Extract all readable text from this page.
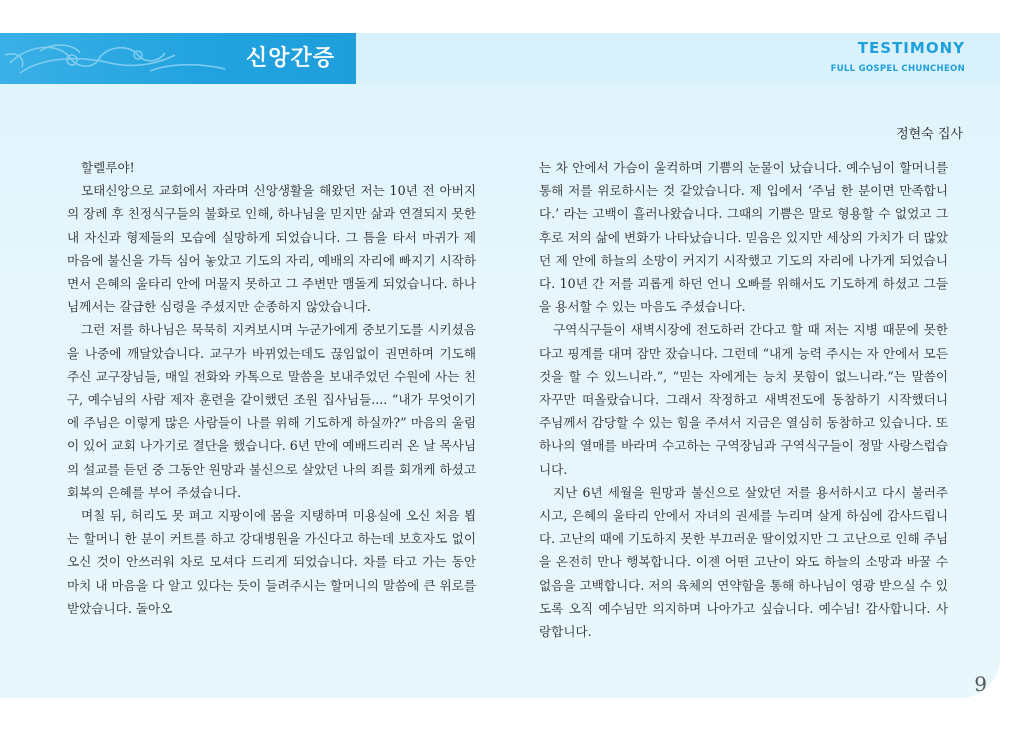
신앙간증	TESTIMONY
FULL GOSPEL CHUNCHEON
정현숙 집사

할렐루야!

모태신앙으로 교회에서 자라며 신앙생활을 해왔던 저는 10년 전 아버지의 장례 후 친정식구들의 불화로 인해, 하나님을 믿지만 삶과 연결되지 못한 내 자신과 형제들의 모습에 실망하게 되었습니다. 그 틈을 타서 마귀가 제 마음에 불신을 가득 심어 놓았고 기도의 자리, 예배의 자리에 빠지기 시작하면서 은혜의 울타리 안에 머물지 못하고 그 주변만 맴돌게 되었습니다. 하나님께서는 갈급한 심령을 주셨지만 순종하지 않았습니다.

그런 저를 하나님은 묵묵히 지켜보시며 누군가에게 중보기도를 시키셨음을 나중에 깨달았습니다. 교구가 바뀌었는데도 끊임없이 권면하며 기도해주신 교구장님들, 매일 전화와 카톡으로 말씀을 보내주었던 수원에 사는 친구, 예수님의 사람 제자 훈련을 같이했던 조원 집사님들.... “내가 무엇이기에 주님은 이렇게 많은 사람들이 나를 위해 기도하게 하실까?” 마음의 울림이 있어 교회 나가기로 결단을 했습니다. 6년 만에 예배드리러 온 날 목사님의 설교를 듣던 중 그동안 원망과 불신으로 살았던 나의 죄를 회개케 하셨고 회복의 은혜를 부어 주셨습니다.

며칠 뒤, 허리도 못 펴고 지팡이에 몸을 지탱하며 미용실에 오신 처음 뵙는 할머니 한 분이 커트를 하고 강대병원을 가신다고 하는데 보호자도 없이 오신 것이 안쓰러워 차로 모셔다 드리게 되었습니다. 차를 타고 가는 동안 마치 내 마음을 다 알고 있다는 듯이 들려주시는 할머니의 말씀에 큰 위로를 받았습니다. 돌아오

는 차 안에서 가슴이 울컥하며 기쁨의 눈물이 났습니다. 예수님이 할머니를 통해 저를 위로하시는 것 같았습니다. 제 입에서 ‘주님 한 분이면 만족합니다.’ 라는 고백이 흘러나왔습니다. 그때의 기쁨은 말로 형용할 수 없었고 그 후로 저의 삶에 변화가 나타났습니다. 믿음은 있지만 세상의 가치가 더 많았던 제 안에 하늘의 소망이 커지기 시작했고 기도의 자리에 나가게 되었습니다. 10년 간 저를 괴롭게 하던 언니 오빠를 위해서도 기도하게 하셨고 그들을 용서할 수 있는 마음도 주셨습니다.

구역식구들이 새벽시장에 전도하러 간다고 할 때 저는 지병 때문에 못한다고 핑계를 대며 잠만 잤습니다. 그런데 “내게 능력 주시는 자 안에서 모든 것을 할 수 있느니라.”, “믿는 자에게는 능치 못함이 없느니라.”는 말씀이 자꾸만 떠올랐습니다. 그래서 작정하고 새벽전도에 동참하기 시작했더니 주님께서 감당할 수 있는 힘을 주셔서 지금은 열심히 동참하고 있습니다. 또 하나의 열매를 바라며 수고하는 구역장님과 구역식구들이 정말 사랑스럽습니다.

지난 6년 세월을 원망과 불신으로 살았던 저를 용서하시고 다시 불러주시고, 은혜의 울타리 안에서 자녀의 권세를 누리며 살게 하심에 감사드립니다. 고난의 때에 기도하지 못한 부끄러운 딸이었지만 그 고난으로 인해 주님을 온전히 만나 행복합니다. 이젠 어떤 고난이 와도 하늘의 소망과 바꿀 수 없음을 고백합니다. 저의 육체의 연약함을 통해 하나님이 영광 받으실 수 있도록 오직 예수님만 의지하며 나아가고 싶습니다. 예수님! 감사합니다. 사랑합니다.

9
